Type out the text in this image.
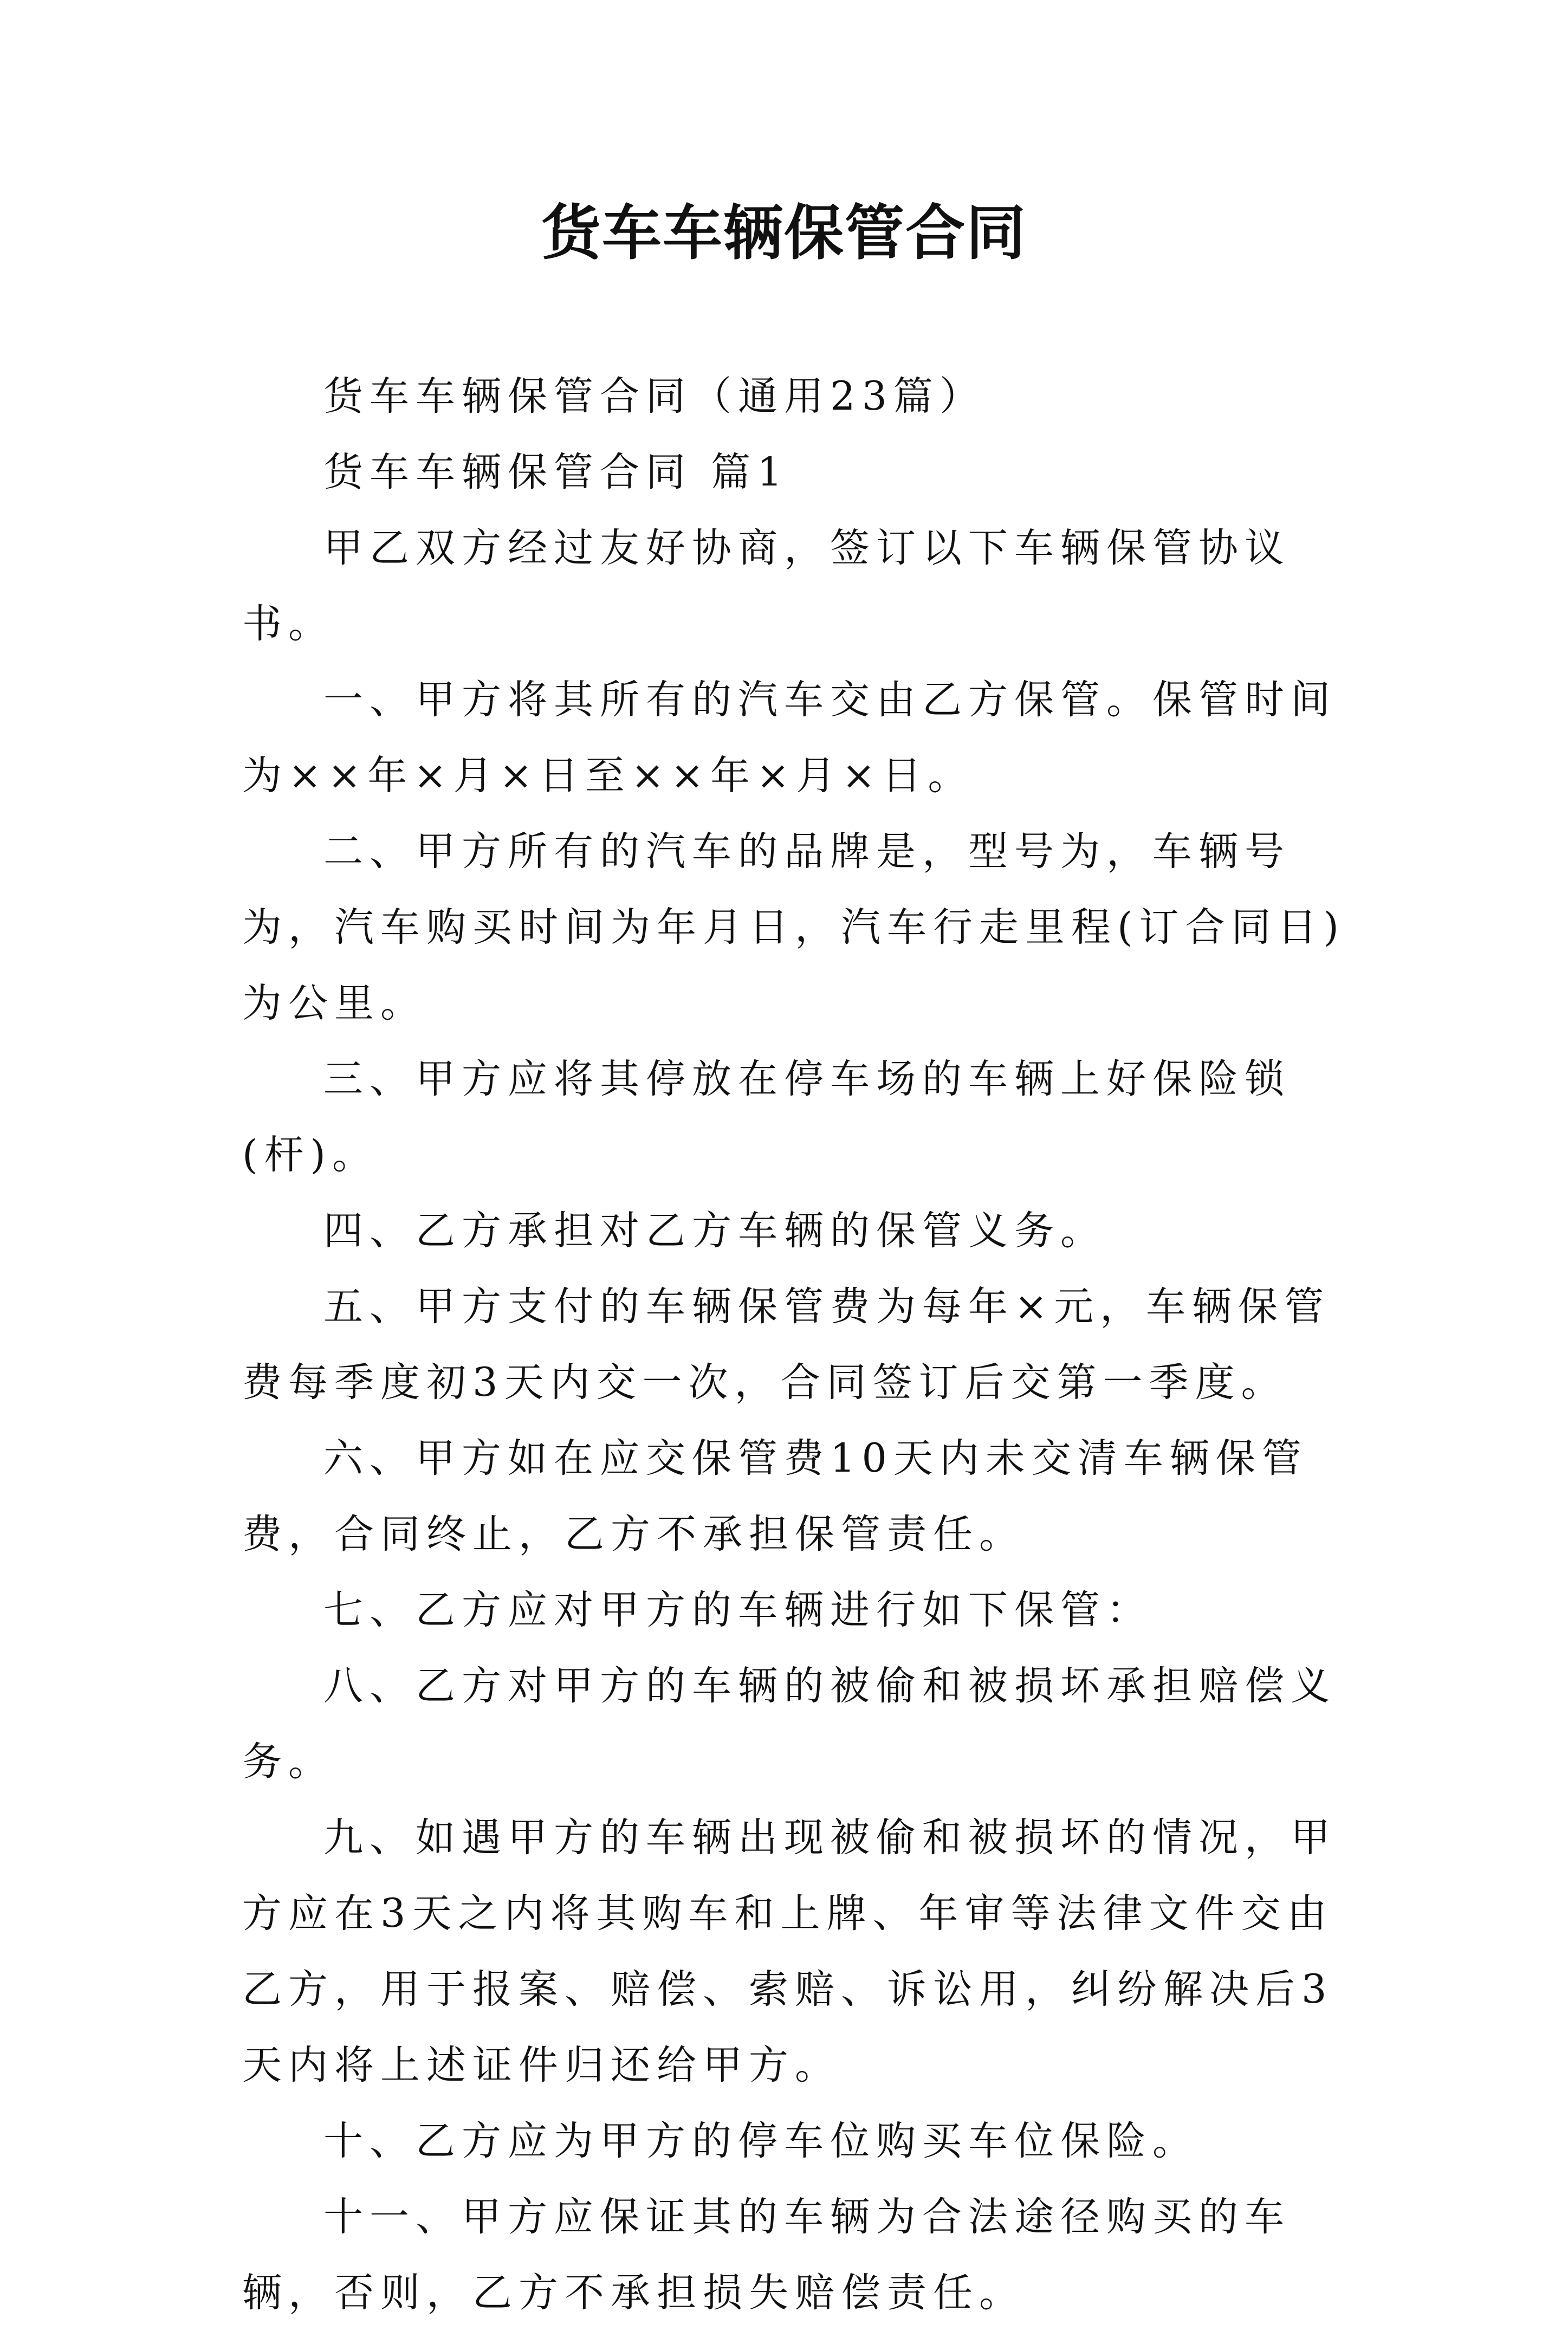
货车车辆保管合同

货车车辆保管合同（通用23篇）

货车车辆保管合同 篇1

甲乙双方经过友好协商，签订以下车辆保管协议书。

一、甲方将其所有的汽车交由乙方保管。保管时间为××年×月×日至××年×月×日。

二、甲方所有的汽车的品牌是，型号为，车辆号为，汽车购买时间为年月日，汽车行走里程(订合同日)为公里。

三、甲方应将其停放在停车场的车辆上好保险锁(杆)。

四、乙方承担对乙方车辆的保管义务。

五、甲方支付的车辆保管费为每年×元，车辆保管费每季度初3天内交一次，合同签订后交第一季度。

六、甲方如在应交保管费10天内未交清车辆保管费，合同终止，乙方不承担保管责任。

七、乙方应对甲方的车辆进行如下保管：

八、乙方对甲方的车辆的被偷和被损坏承担赔偿义务。

九、如遇甲方的车辆出现被偷和被损坏的情况，甲方应在3天之内将其购车和上牌、年审等法律文件交由乙方，用于报案、赔偿、索赔、诉讼用，纠纷解决后3天内将上述证件归还给甲方。

十、乙方应为甲方的停车位购买车位保险。

十一、甲方应保证其的车辆为合法途径购买的车辆，否则，乙方不承担损失赔偿责任。
